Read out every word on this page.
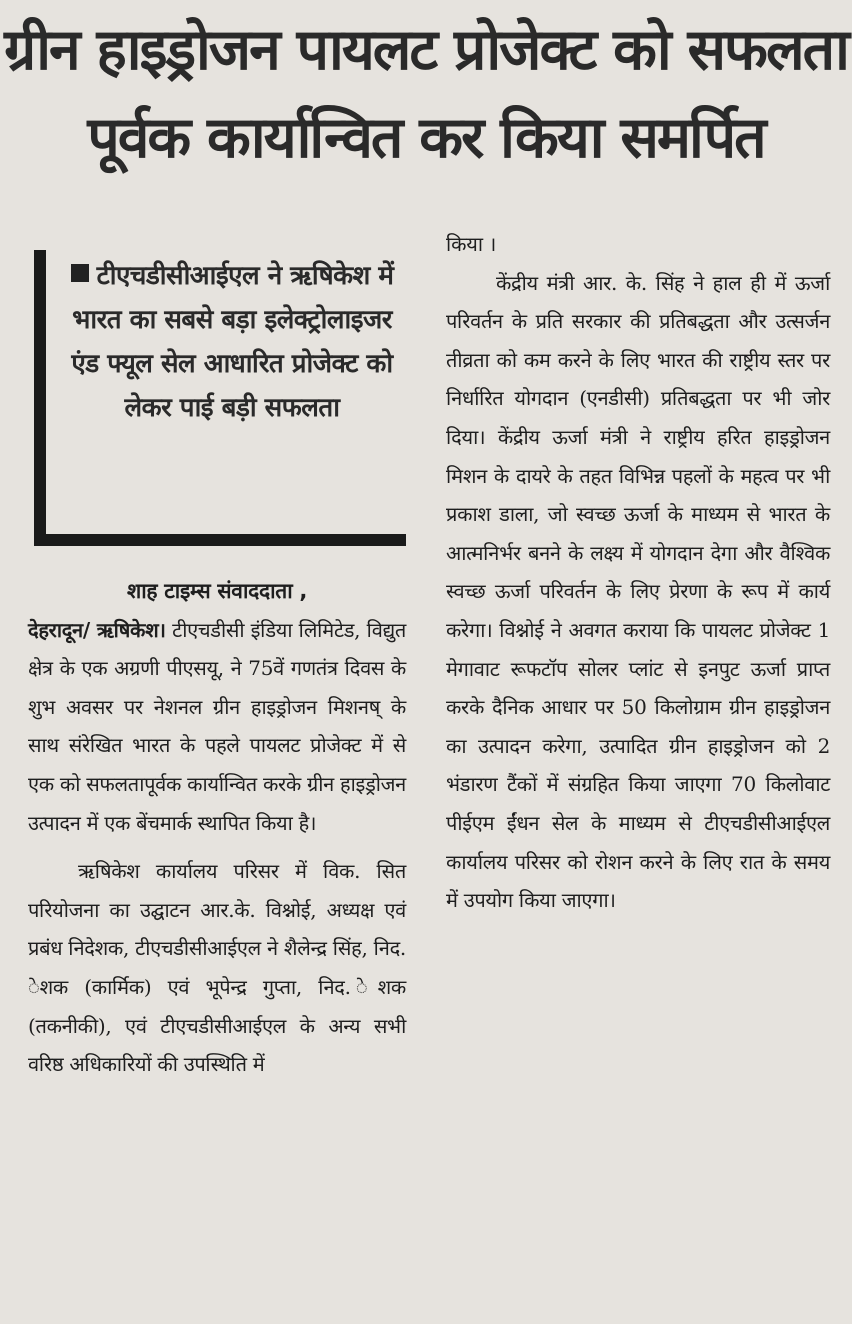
ग्रीन हाइड्रोजन पायलट प्रोजेक्ट को सफलता
पूर्वक कार्यान्वित कर किया समर्पित
टीएचडीसीआईएल ने ऋषिकेश में भारत का सबसे बड़ा इलेक्ट्रोलाइजर एंड फ्यूल सेल आधारित प्रोजेक्ट को लेकर पाई बड़ी सफलता

शाह टाइम्स संवाददाता ,

देहरादून/ ऋषिकेश। टीएचडीसी इंडिया लिमिटेड, विद्युत क्षेत्र के एक अग्रणी पीएसयू, ने 75वें गणतंत्र दिवस के शुभ अवसर पर नेशनल ग्रीन हाइड्रोजन मिशनष् के साथ संरेखित भारत के पहले पायलट प्रोजेक्ट में से एक को सफलतापूर्वक कार्यान्वित करके ग्रीन हाइड्रोजन उत्पादन में एक बेंचमार्क स्थापित किया है।

ऋषिकेश कार्यालय परिसर में विक. सित परियोजना का उद्घाटन आर.के. विश्नोई, अध्यक्ष एवं प्रबंध निदेशक, टीएचडीसीआईएल ने शैलेन्द्र सिंह, निद. ेशक (कार्मिक) एवं भूपेन्द्र गुप्ता, निद. ेशक (तकनीकी), एवं टीएचडीसीआईएल के अन्य सभी वरिष्ठ अधिकारियों की उपस्थिति में

किया ।

केंद्रीय मंत्री आर. के. सिंह ने हाल ही में ऊर्जा परिवर्तन के प्रति सरकार की प्रतिबद्धता और उत्सर्जन तीव्रता को कम करने के लिए भारत की राष्ट्रीय स्तर पर निर्धारित योगदान (एनडीसी) प्रतिबद्धता पर भी जोर दिया। केंद्रीय ऊर्जा मंत्री ने राष्ट्रीय हरित हाइड्रोजन मिशन के दायरे के तहत विभिन्न पहलों के महत्व पर भी प्रकाश डाला, जो स्वच्छ ऊर्जा के माध्यम से भारत के आत्मनिर्भर बनने के लक्ष्य में योगदान देगा और वैश्विक स्वच्छ ऊर्जा परिवर्तन के लिए प्रेरणा के रूप में कार्य करेगा। विश्नोई ने अवगत कराया कि पायलट प्रोजेक्ट 1 मेगावाट रूफटॉप सोलर प्लांट से इनपुट ऊर्जा प्राप्त करके दैनिक आधार पर 50 किलोग्राम ग्रीन हाइड्रोजन का उत्पादन करेगा, उत्पादित ग्रीन हाइड्रोजन को 2 भंडारण टैंकों में संग्रहित किया जाएगा 70 किलोवाट पीईएम ईंधन सेल के माध्यम से टीएचडीसीआईएल कार्यालय परिसर को रोशन करने के लिए रात के समय में उपयोग किया जाएगा।
